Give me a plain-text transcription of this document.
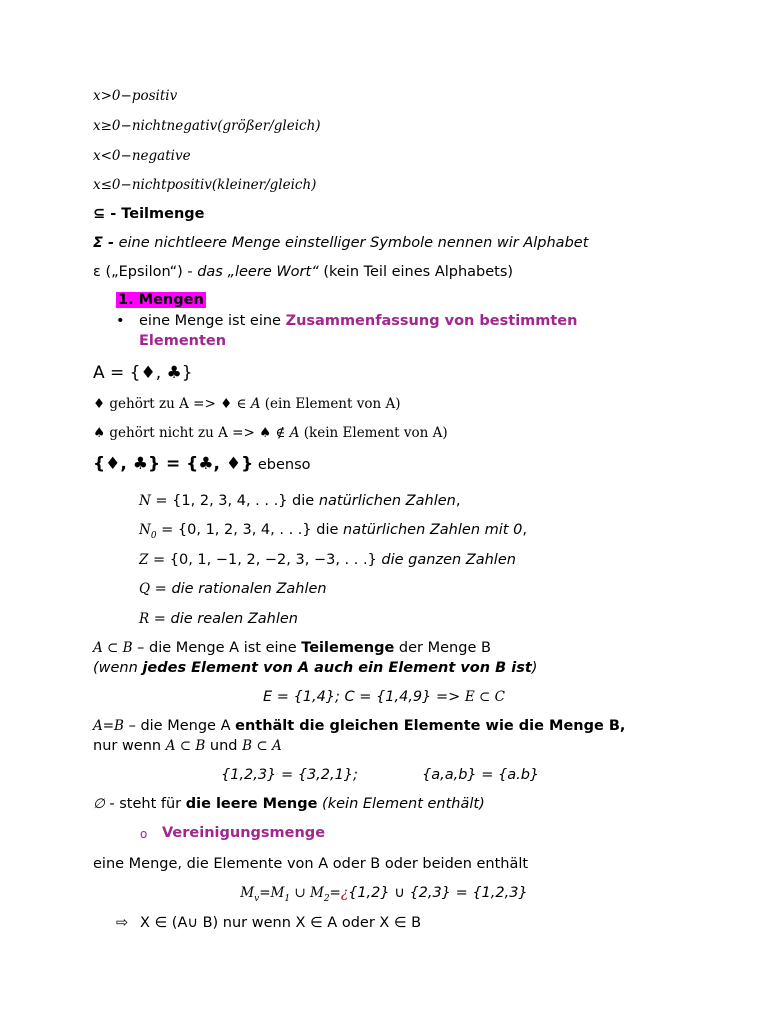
x>0−positiv
x≥0−nichtnegativ(größer/gleich)
x<0−negative
x≤0−nichtpositiv(kleiner/gleich)
⊆ - Teilmenge
Σ - eine nichtleere Menge einstelliger Symbole nennen wir Alphabet
ε („Epsilon“) - das „leere Wort“ (kein Teil eines Alphabets)
1. Mengen
• eine Menge ist eine Zusammenfassung von bestimmten
Elementen
A = {♦, ♣}
♦ gehört zu A => ♦ ∈ A (ein Element von A)
♠ gehört nicht zu A => ♠ ∉ A (kein Element von A)
{♦, ♣} = {♣, ♦} ebenso
N = {1, 2, 3, 4, . . .} die natürlichen Zahlen,
$N_0 = \{0$, 1, 2, 3, 4, . . .} die natürlichen Zahlen mit 0,
Z = {0, 1, −1, 2, −2, 3, −3, . . .} die ganzen Zahlen
Q = die rationalen Zahlen
R = die realen Zahlen
A ⊂ B – die Menge A ist eine Teilemenge der Menge B
(wenn jedes Element von A auch ein Element von B ist)
E = {1,4}; C = {1,4,9} => E ⊂ C
A=B – die Menge A enthält die gleichen Elemente wie die Menge B,
nur wenn A ⊂ B und B ⊂ A
{1,2,3} = {3,2,1};	{a,a,b} = {a.b}
∅ - steht für die leere Menge (kein Element enthält)
o Vereinigungsmenge
eine Menge, die Elemente von A oder B oder beiden enthält
$M_v=M_1$ ∪ $M_2=¿\{1,2\}$ ∪ {2,3} = {1,2,3}
⇨ X ∈ (A∪ B) nur wenn X ∈ A oder X ∈ B
